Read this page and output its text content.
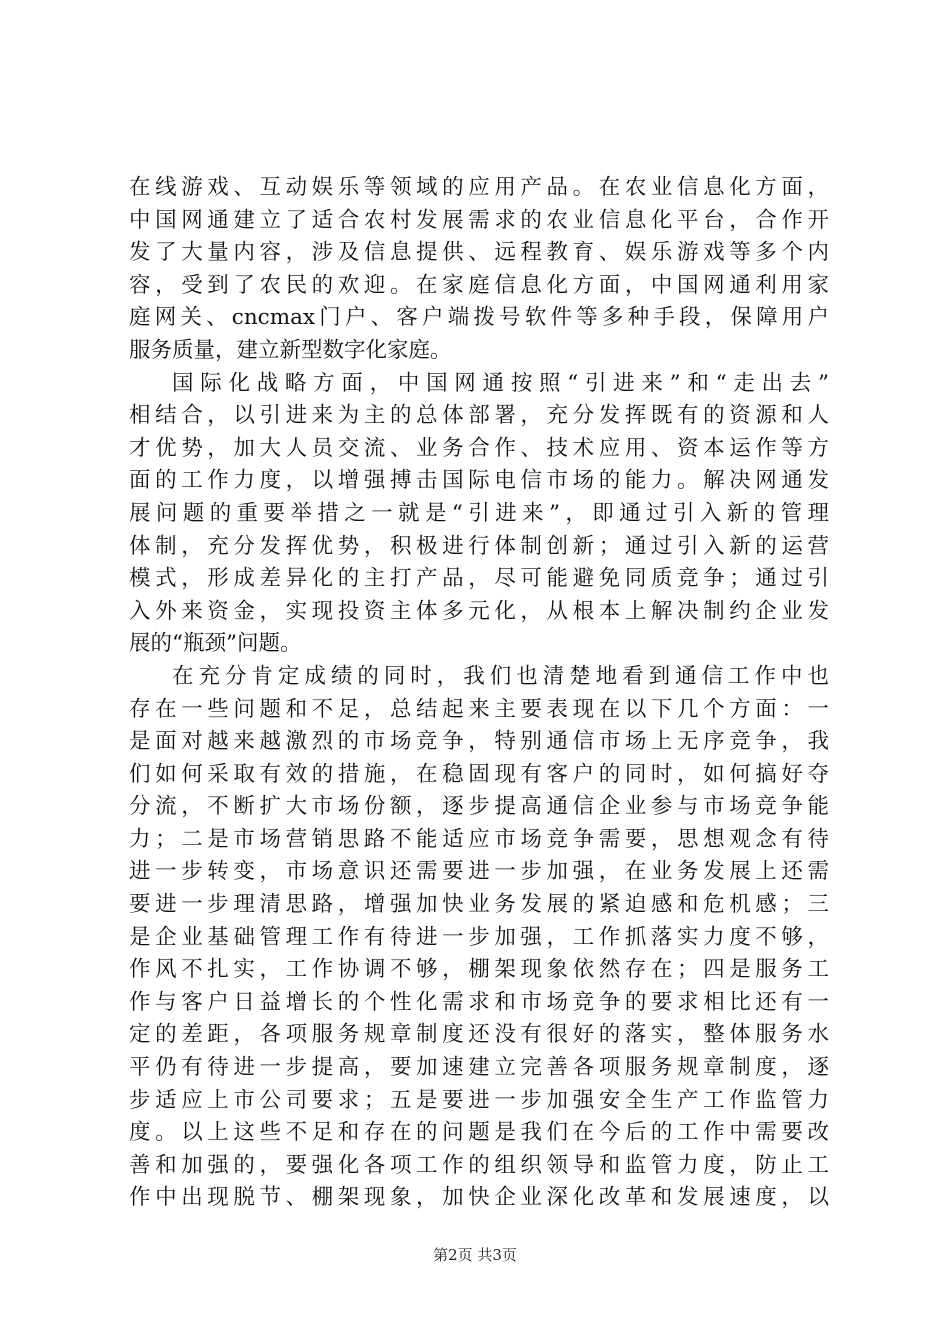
在线游戏、互动娱乐等领域的应用产品。在农业信息化方面，
中国网通建立了适合农村发展需求的农业信息化平台，合作开
发了大量内容，涉及信息提供、远程教育、娱乐游戏等多个内
容，受到了农民的欢迎。在家庭信息化方面，中国网通利用家
庭网关、cncmax门户、客户端拨号软件等多种手段，保障用户
服务质量，建立新型数字化家庭。

国际化战略方面，中国网通按照“引进来”和“走出去”
相结合，以引进来为主的总体部署，充分发挥既有的资源和人
才优势，加大人员交流、业务合作、技术应用、资本运作等方
面的工作力度，以增强搏击国际电信市场的能力。解决网通发
展问题的重要举措之一就是“引进来”，即通过引入新的管理
体制，充分发挥优势，积极进行体制创新；通过引入新的运营
模式，形成差异化的主打产品，尽可能避免同质竞争；通过引
入外来资金，实现投资主体多元化，从根本上解决制约企业发
展的“瓶颈”问题。

在充分肯定成绩的同时，我们也清楚地看到通信工作中也
存在一些问题和不足，总结起来主要表现在以下几个方面：一
是面对越来越激烈的市场竞争，特别通信市场上无序竞争，我
们如何采取有效的措施，在稳固现有客户的同时，如何搞好夺
分流，不断扩大市场份额，逐步提高通信企业参与市场竞争能
力；二是市场营销思路不能适应市场竞争需要，思想观念有待
进一步转变，市场意识还需要进一步加强，在业务发展上还需
要进一步理清思路，增强加快业务发展的紧迫感和危机感；三
是企业基础管理工作有待进一步加强，工作抓落实力度不够，
作风不扎实，工作协调不够，棚架现象依然存在；四是服务工
作与客户日益增长的个性化需求和市场竞争的要求相比还有一
定的差距，各项服务规章制度还没有很好的落实，整体服务水
平仍有待进一步提高，要加速建立完善各项服务规章制度，逐
步适应上市公司要求；五是要进一步加强安全生产工作监管力
度。以上这些不足和存在的问题是我们在今后的工作中需要改
善和加强的，要强化各项工作的组织领导和监管力度，防止工
作中出现脱节、棚架现象，加快企业深化改革和发展速度，以

第2页 共3页
